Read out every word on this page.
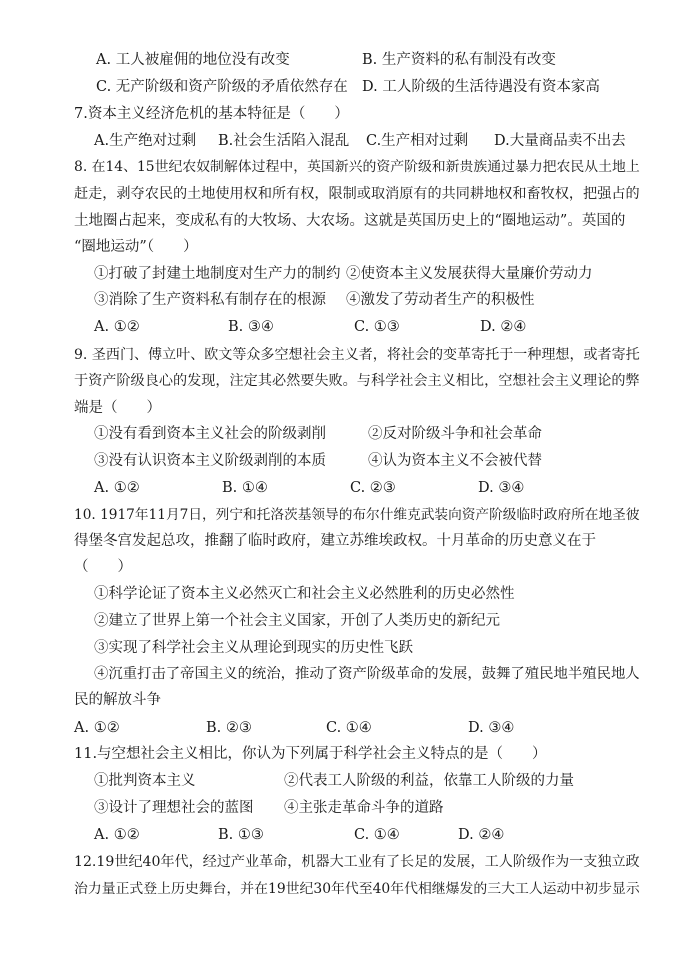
A. 工人被雇佣的地位没有改变	B. 生产资料的私有制没有改变
C. 无产阶级和资产阶级的矛盾依然存在 D. 工人阶级的生活待遇没有资本家高
7.资本主义经济危机的基本特征是（　　）
A.生产绝对过剩 B.社会生活陷入混乱 C.生产相对过剩 D.大量商品卖不出去
8. 在14、15世纪农奴制解体过程中，英国新兴的资产阶级和新贵族通过暴力把农民从土地上
赶走，剥夺农民的土地使用权和所有权，限制或取消原有的共同耕地权和畜牧权，把强占的
土地圈占起来，变成私有的大牧场、大农场。这就是英国历史上的“圈地运动”。英国的
“圈地运动”（　　）
①打破了封建土地制度对生产力的制约 ②使资本主义发展获得大量廉价劳动力
③消除了生产资料私有制存在的根源 ④激发了劳动者生产的积极性
A. ①②	B. ③④	C. ①③	D. ②④
9. 圣西门、傅立叶、欧文等众多空想社会主义者，将社会的变革寄托于一种理想，或者寄托
于资产阶级良心的发现，注定其必然要失败。与科学社会主义相比，空想社会主义理论的弊
端是（　　）
①没有看到资本主义社会的阶级剥削	②反对阶级斗争和社会革命
③没有认识资本主义阶级剥削的本质	④认为资本主义不会被代替
A. ①②	B. ①④	C. ②③	D. ③④
10. 1917年11月7日，列宁和托洛茨基领导的布尔什维克武装向资产阶级临时政府所在地圣彼
得堡冬宫发起总攻，推翻了临时政府，建立苏维埃政权。十月革命的历史意义在于
（　　）
①科学论证了资本主义必然灭亡和社会主义必然胜利的历史必然性
②建立了世界上第一个社会主义国家，开创了人类历史的新纪元
③实现了科学社会主义从理论到现实的历史性飞跃
④沉重打击了帝国主义的统治，推动了资产阶级革命的发展，鼓舞了殖民地半殖民地人
民的解放斗争
A. ①②	B. ②③	C. ①④	D. ③④
11.与空想社会主义相比，你认为下列属于科学社会主义特点的是（　　）
①批判资本主义	②代表工人阶级的利益，依靠工人阶级的力量
③设计了理想社会的蓝图 ④主张走革命斗争的道路
A. ①②	B. ①③	C. ①④	D. ②④
12.19世纪40年代，经过产业革命，机器大工业有了长足的发展，工人阶级作为一支独立政
治力量正式登上历史舞台，并在19世纪30年代至40年代相继爆发的三大工人运动中初步显示
